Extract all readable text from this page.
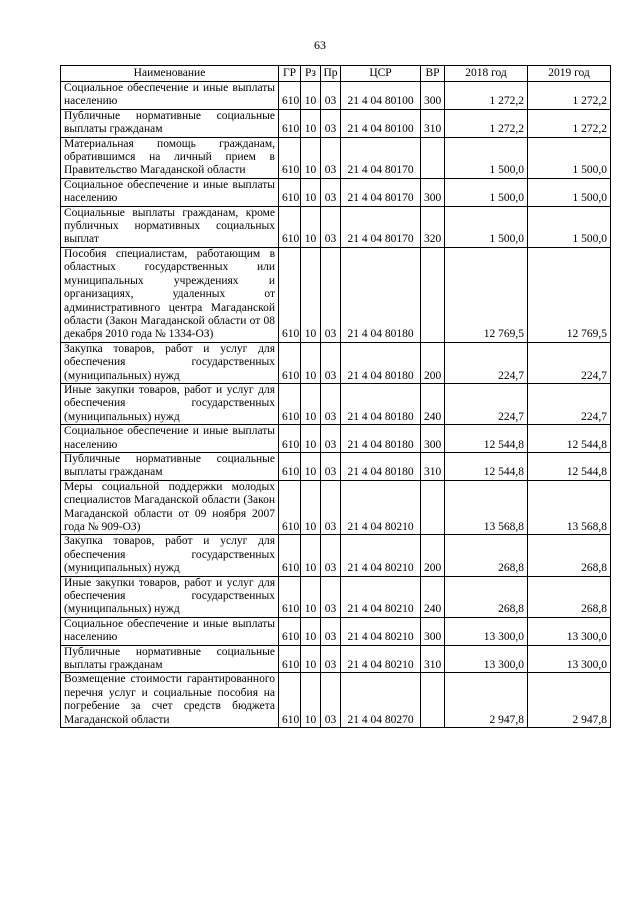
63
Наименование	ГР	Рз	Пр	ЦСР	ВР	2018 год	2019 год
Социальное обеспечение и иные выплаты населению	610	10	03	21 4 04 80100	300	1 272,2	1 272,2
Публичные нормативные социальные выплаты гражданам	610	10	03	21 4 04 80100	310	1 272,2	1 272,2
Материальная помощь гражданам, обратившимся на личный прием в Правительство Магаданской области	610	10	03	21 4 04 80170		1 500,0	1 500,0
Социальное обеспечение и иные выплаты населению	610	10	03	21 4 04 80170	300	1 500,0	1 500,0
Социальные выплаты гражданам, кроме публичных нормативных социальных выплат	610	10	03	21 4 04 80170	320	1 500,0	1 500,0
Пособия специалистам, работающим в областных государственных или муниципальных учреждениях и организациях, удаленных от административного центра Магаданской области (Закон Магаданской области от 08 декабря 2010 года № 1334-ОЗ)	610	10	03	21 4 04 80180		12 769,5	12 769,5
Закупка товаров, работ и услуг для обеспечения государственных (муниципальных) нужд	610	10	03	21 4 04 80180	200	224,7	224,7
Иные закупки товаров, работ и услуг для обеспечения государственных (муниципальных) нужд	610	10	03	21 4 04 80180	240	224,7	224,7
Социальное обеспечение и иные выплаты населению	610	10	03	21 4 04 80180	300	12 544,8	12 544,8
Публичные нормативные социальные выплаты гражданам	610	10	03	21 4 04 80180	310	12 544,8	12 544,8
Меры социальной поддержки молодых специалистов Магаданской области (Закон Магаданской области от 09 ноября 2007 года № 909-ОЗ)	610	10	03	21 4 04 80210		13 568,8	13 568,8
Закупка товаров, работ и услуг для обеспечения государственных (муниципальных) нужд	610	10	03	21 4 04 80210	200	268,8	268,8
Иные закупки товаров, работ и услуг для обеспечения государственных (муниципальных) нужд	610	10	03	21 4 04 80210	240	268,8	268,8
Социальное обеспечение и иные выплаты населению	610	10	03	21 4 04 80210	300	13 300,0	13 300,0
Публичные нормативные социальные выплаты гражданам	610	10	03	21 4 04 80210	310	13 300,0	13 300,0
Возмещение стоимости гарантированного перечня услуг и социальные пособия на погребение за счет средств бюджета Магаданской области	610	10	03	21 4 04 80270		2 947,8	2 947,8
